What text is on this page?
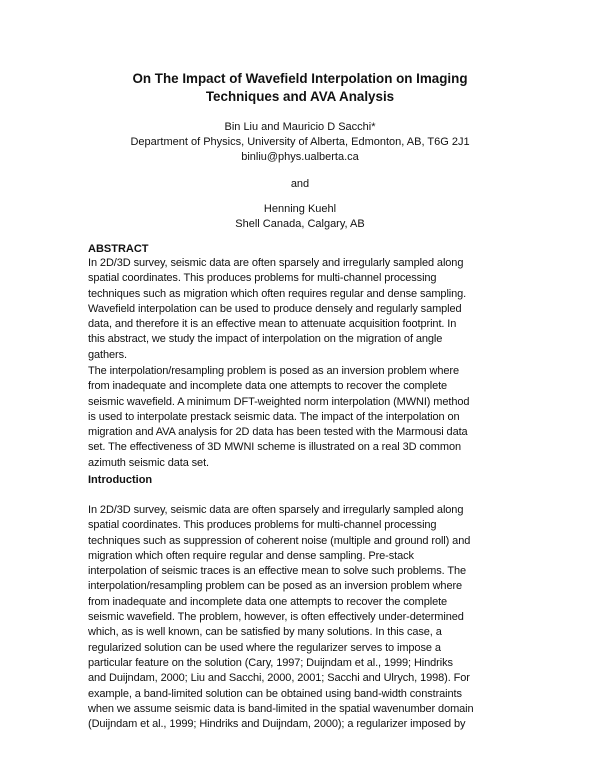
On The Impact of Wavefield Interpolation on Imaging
Techniques and AVA Analysis
Bin Liu and Mauricio D Sacchi*
Department of Physics, University of Alberta, Edmonton, AB, T6G 2J1
binliu@phys.ualberta.ca
and
Henning Kuehl
Shell Canada, Calgary, AB
ABSTRACT
In 2D/3D survey, seismic data are often sparsely and irregularly sampled along
spatial coordinates. This produces problems for multi-channel processing
techniques such as migration which often requires regular and dense sampling.
Wavefield interpolation can be used to produce densely and regularly sampled
data, and therefore it is an effective mean to attenuate acquisition footprint. In
this abstract, we study the impact of interpolation on the migration of angle
gathers.
The interpolation/resampling problem is posed as an inversion problem where
from inadequate and incomplete data one attempts to recover the complete
seismic wavefield. A minimum DFT-weighted norm interpolation (MWNI) method
is used to interpolate prestack seismic data. The impact of the interpolation on
migration and AVA analysis for 2D data has been tested with the Marmousi data
set. The effectiveness of 3D MWNI scheme is illustrated on a real 3D common
azimuth seismic data set.
Introduction
In 2D/3D survey, seismic data are often sparsely and irregularly sampled along
spatial coordinates. This produces problems for multi-channel processing
techniques such as suppression of coherent noise (multiple and ground roll) and
migration which often require regular and dense sampling. Pre-stack
interpolation of seismic traces is an effective mean to solve such problems. The
interpolation/resampling problem can be posed as an inversion problem where
from inadequate and incomplete data one attempts to recover the complete
seismic wavefield. The problem, however, is often effectively under-determined
which, as is well known, can be satisfied by many solutions. In this case, a
regularized solution can be used where the regularizer serves to impose a
particular feature on the solution (Cary, 1997; Duijndam et al., 1999; Hindriks
and Duijndam, 2000; Liu and Sacchi, 2000, 2001; Sacchi and Ulrych, 1998). For
example, a band-limited solution can be obtained using band-width constraints
when we assume seismic data is band-limited in the spatial wavenumber domain
(Duijndam et al., 1999; Hindriks and Duijndam, 2000); a regularizer imposed by
